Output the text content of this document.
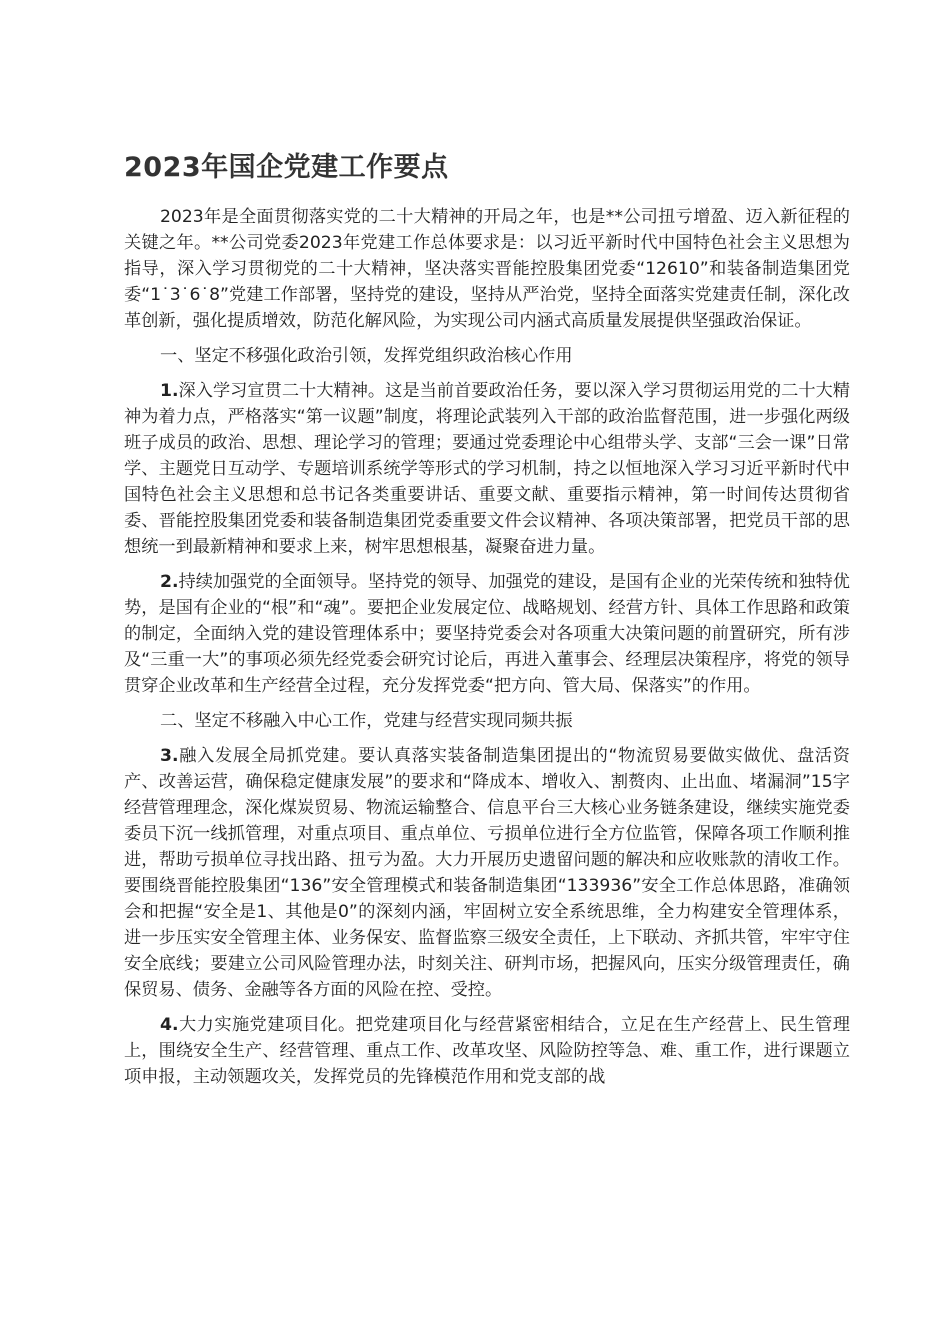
2023年国企党建工作要点

2023年是全面贯彻落实党的二十大精神的开局之年，也是**公司扭亏增盈、迈入新征程的关键之年。**公司党委2023年党建工作总体要求是：以习近平新时代中国特色社会主义思想为指导，深入学习贯彻党的二十大精神，坚决落实晋能控股集团党委“12610”和装备制造集团党委“1˙3˙6˙8”党建工作部署，坚持党的建设，坚持从严治党，坚持全面落实党建责任制，深化改革创新，强化提质增效，防范化解风险，为实现公司内涵式高质量发展提供坚强政治保证。

一、坚定不移强化政治引领，发挥党组织政治核心作用

1.深入学习宣贯二十大精神。这是当前首要政治任务，要以深入学习贯彻运用党的二十大精神为着力点，严格落实“第一议题”制度，将理论武装列入干部的政治监督范围，进一步强化两级班子成员的政治、思想、理论学习的管理；要通过党委理论中心组带头学、支部“三会一课”日常学、主题党日互动学、专题培训系统学等形式的学习机制，持之以恒地深入学习习近平新时代中国特色社会主义思想和总书记各类重要讲话、重要文献、重要指示精神，第一时间传达贯彻省委、晋能控股集团党委和装备制造集团党委重要文件会议精神、各项决策部署，把党员干部的思想统一到最新精神和要求上来，树牢思想根基，凝聚奋进力量。

2.持续加强党的全面领导。坚持党的领导、加强党的建设，是国有企业的光荣传统和独特优势，是国有企业的“根”和“魂”。要把企业发展定位、战略规划、经营方针、具体工作思路和政策的制定，全面纳入党的建设管理体系中；要坚持党委会对各项重大决策问题的前置研究，所有涉及“三重一大”的事项必须先经党委会研究讨论后，再进入董事会、经理层决策程序，将党的领导贯穿企业改革和生产经营全过程，充分发挥党委“把方向、管大局、保落实”的作用。

二、坚定不移融入中心工作，党建与经营实现同频共振

3.融入发展全局抓党建。要认真落实装备制造集团提出的“物流贸易要做实做优、盘活资产、改善运营，确保稳定健康发展”的要求和“降成本、增收入、割赘肉、止出血、堵漏洞”15字经营管理理念，深化煤炭贸易、物流运输整合、信息平台三大核心业务链条建设，继续实施党委委员下沉一线抓管理，对重点项目、重点单位、亏损单位进行全方位监管，保障各项工作顺利推进，帮助亏损单位寻找出路、扭亏为盈。大力开展历史遗留问题的解决和应收账款的清收工作。要围绕晋能控股集团“136”安全管理模式和装备制造集团“133936”安全工作总体思路，准确领会和把握“安全是1、其他是0”的深刻内涵，牢固树立安全系统思维，全力构建安全管理体系，进一步压实安全管理主体、业务保安、监督监察三级安全责任，上下联动、齐抓共管，牢牢守住安全底线；要建立公司风险管理办法，时刻关注、研判市场，把握风向，压实分级管理责任，确保贸易、债务、金融等各方面的风险在控、受控。

4.大力实施党建项目化。把党建项目化与经营紧密相结合，立足在生产经营上、民生管理上，围绕安全生产、经营管理、重点工作、改革攻坚、风险防控等急、难、重工作，进行课题立项申报，主动领题攻关，发挥党员的先锋模范作用和党支部的战
